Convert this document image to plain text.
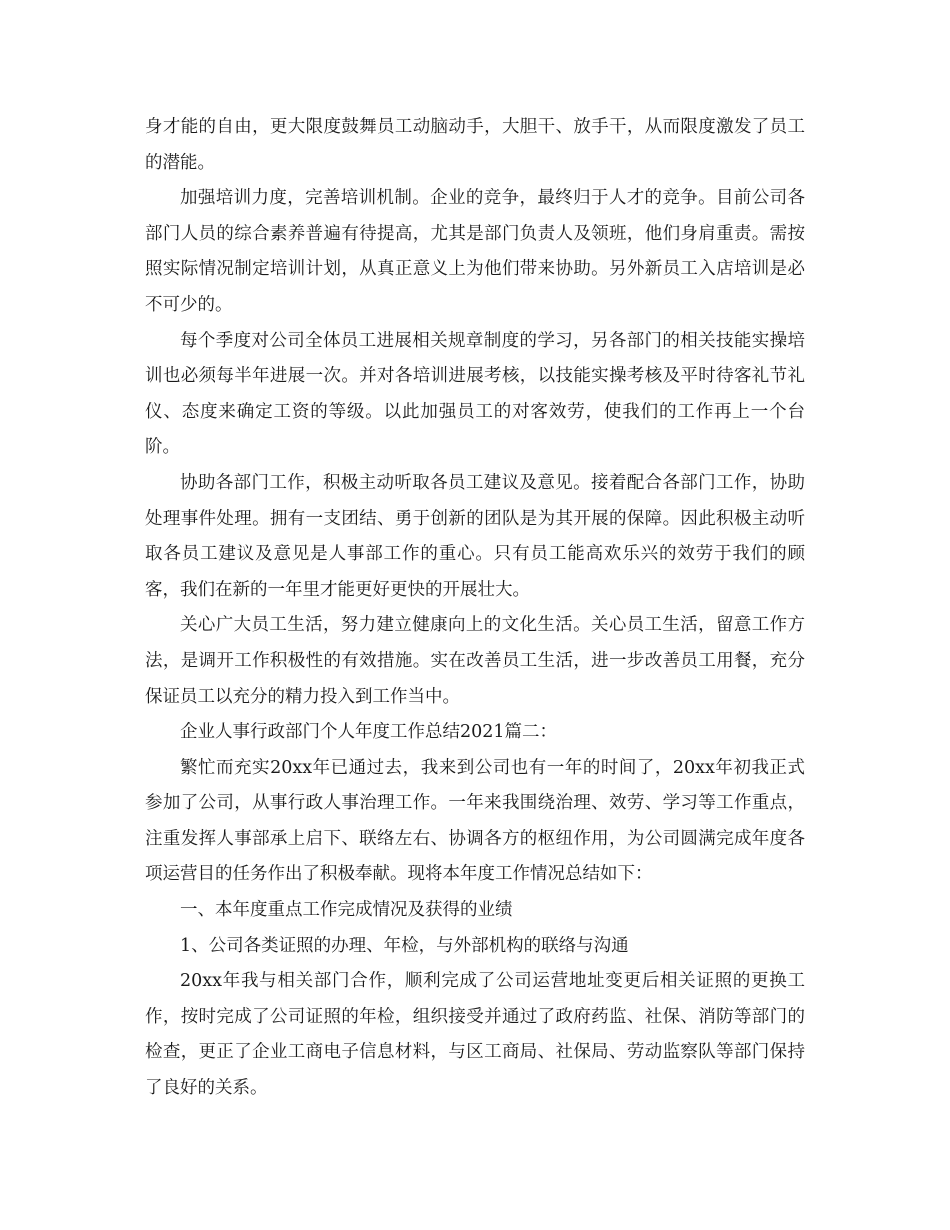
身才能的自由，更大限度鼓舞员工动脑动手，大胆干、放手干，从而限度激发了员工的潜能。

加强培训力度，完善培训机制。企业的竞争，最终归于人才的竞争。目前公司各部门人员的综合素养普遍有待提高，尤其是部门负责人及领班，他们身肩重责。需按照实际情况制定培训计划，从真正意义上为他们带来协助。另外新员工入店培训是必不可少的。

每个季度对公司全体员工进展相关规章制度的学习，另各部门的相关技能实操培训也必须每半年进展一次。并对各培训进展考核，以技能实操考核及平时待客礼节礼仪、态度来确定工资的等级。以此加强员工的对客效劳，使我们的工作再上一个台阶。

协助各部门工作，积极主动听取各员工建议及意见。接着配合各部门工作，协助处理事件处理。拥有一支团结、勇于创新的团队是为其开展的保障。因此积极主动听取各员工建议及意见是人事部工作的重心。只有员工能高欢乐兴的效劳于我们的顾客，我们在新的一年里才能更好更快的开展壮大。

关心广大员工生活，努力建立健康向上的文化生活。关心员工生活，留意工作方法，是调开工作积极性的有效措施。实在改善员工生活，进一步改善员工用餐，充分保证员工以充分的精力投入到工作当中。

企业人事行政部门个人年度工作总结2021篇二：

繁忙而充实20xx年已通过去，我来到公司也有一年的时间了，20xx年初我正式参加了公司，从事行政人事治理工作。一年来我围绕治理、效劳、学习等工作重点，注重发挥人事部承上启下、联络左右、协调各方的枢纽作用，为公司圆满完成年度各项运营目的任务作出了积极奉献。现将本年度工作情况总结如下：

一、本年度重点工作完成情况及获得的业绩

1、公司各类证照的办理、年检，与外部机构的联络与沟通

20xx年我与相关部门合作，顺利完成了公司运营地址变更后相关证照的更换工作，按时完成了公司证照的年检，组织接受并通过了政府药监、社保、消防等部门的检查，更正了企业工商电子信息材料，与区工商局、社保局、劳动监察队等部门保持了良好的关系。
